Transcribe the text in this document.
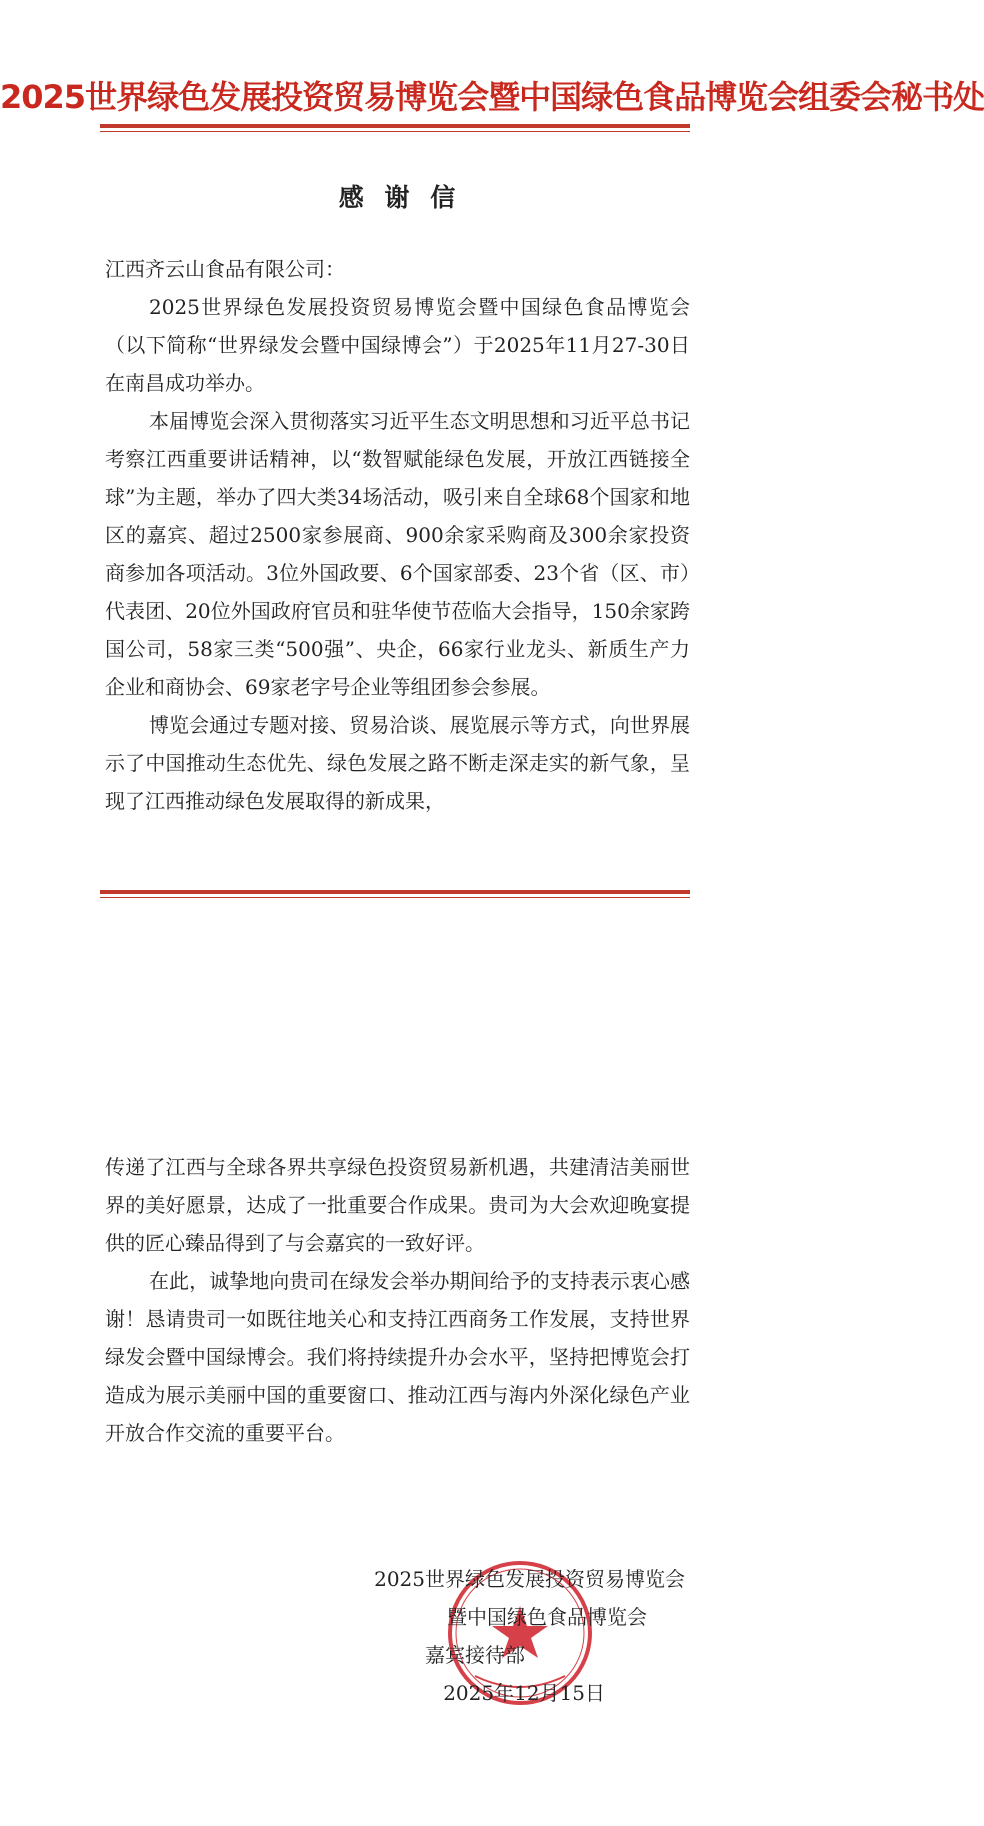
2025世界绿色发展投资贸易博览会暨中国绿色食品博览会组委会秘书处
感 谢 信

江西齐云山食品有限公司：

2025世界绿色发展投资贸易博览会暨中国绿色食品博览会（以下简称“世界绿发会暨中国绿博会”）于2025年11月27-30日在南昌成功举办。

本届博览会深入贯彻落实习近平生态文明思想和习近平总书记考察江西重要讲话精神，以“数智赋能绿色发展，开放江西链接全球”为主题，举办了四大类34场活动，吸引来自全球68个国家和地区的嘉宾、超过2500家参展商、900余家采购商及300余家投资商参加各项活动。3位外国政要、6个国家部委、23个省（区、市）代表团、20位外国政府官员和驻华使节莅临大会指导，150余家跨国公司，58家三类“500强”、央企，66家行业龙头、新质生产力企业和商协会、69家老字号企业等组团参会参展。

博览会通过专题对接、贸易洽谈、展览展示等方式，向世界展示了中国推动生态优先、绿色发展之路不断走深走实的新气象，呈现了江西推动绿色发展取得的新成果，

传递了江西与全球各界共享绿色投资贸易新机遇，共建清洁美丽世界的美好愿景，达成了一批重要合作成果。贵司为大会欢迎晚宴提供的匠心臻品得到了与会嘉宾的一致好评。

在此，诚挚地向贵司在绿发会举办期间给予的支持表示衷心感谢！恳请贵司一如既往地关心和支持江西商务工作发展，支持世界绿发会暨中国绿博会。我们将持续提升办会水平，坚持把博览会打造成为展示美丽中国的重要窗口、推动江西与海内外深化绿色产业开放合作交流的重要平台。

2025世界绿色发展投资贸易博览会
暨中国绿色食品博览会
嘉宾接待部
2025年12月15日
